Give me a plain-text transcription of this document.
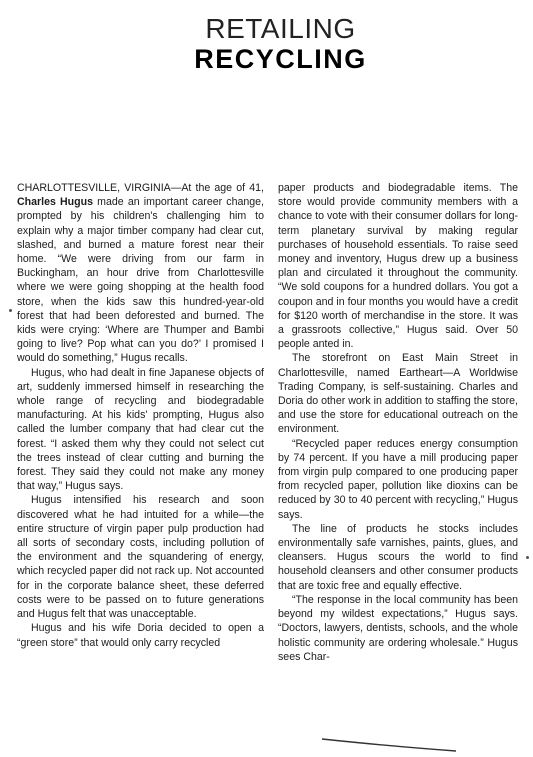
RETAILING
RECYCLING

CHARLOTTESVILLE, VIRGINIA—At the age of 41, Charles Hugus made an important career change, prompted by his children's challenging him to explain why a major timber company had clear cut, slashed, and burned a mature forest near their home. “We were driving from our farm in Buckingham, an hour drive from Charlottesville where we were going shopping at the health food store, when the kids saw this hundred-year-old forest that had been deforested and burned. The kids were crying: ‘Where are Thumper and Bambi going to live? Pop what can you do?’ I promised I would do something,” Hugus recalls.

Hugus, who had dealt in fine Japanese objects of art, suddenly immersed himself in researching the whole range of recycling and biodegradable manufacturing. At his kids' prompting, Hugus also called the lumber company that had clear cut the forest. “I asked them why they could not select cut the trees instead of clear cutting and burning the forest. They said they could not make any money that way,” Hugus says.

Hugus intensified his research and soon discovered what he had intuited for a while—the entire structure of virgin paper pulp production had all sorts of secondary costs, including pollution of the environment and the squandering of energy, which recycled paper did not rack up. Not accounted for in the corporate balance sheet, these deferred costs were to be passed on to future generations and Hugus felt that was unacceptable.

Hugus and his wife Doria decided to open a “green store” that would only carry recycled

paper products and biodegradable items. The store would provide community members with a chance to vote with their consumer dollars for long-term planetary survival by making regular purchases of household essentials. To raise seed money and inventory, Hugus drew up a business plan and circulated it throughout the community. “We sold coupons for a hundred dollars. You got a coupon and in four months you would have a credit for $120 worth of merchandise in the store. It was a grassroots collective,” Hugus said. Over 50 people anted in.

The storefront on East Main Street in Charlottesville, named Eartheart—A Worldwise Trading Company, is self-sustaining. Charles and Doria do other work in addition to staffing the store, and use the store for educational outreach on the environment.

“Recycled paper reduces energy consumption by 74 percent. If you have a mill producing paper from virgin pulp compared to one producing paper from recycled paper, pollution like dioxins can be reduced by 30 to 40 percent with recycling,” Hugus says.

The line of products he stocks includes environmentally safe varnishes, paints, glues, and cleansers. Hugus scours the world to find household cleansers and other consumer products that are toxic free and equally effective.

“The response in the local community has been beyond my wildest expectations,” Hugus says. “Doctors, lawyers, dentists, schools, and the whole holistic community are ordering wholesale.” Hugus sees Char-
